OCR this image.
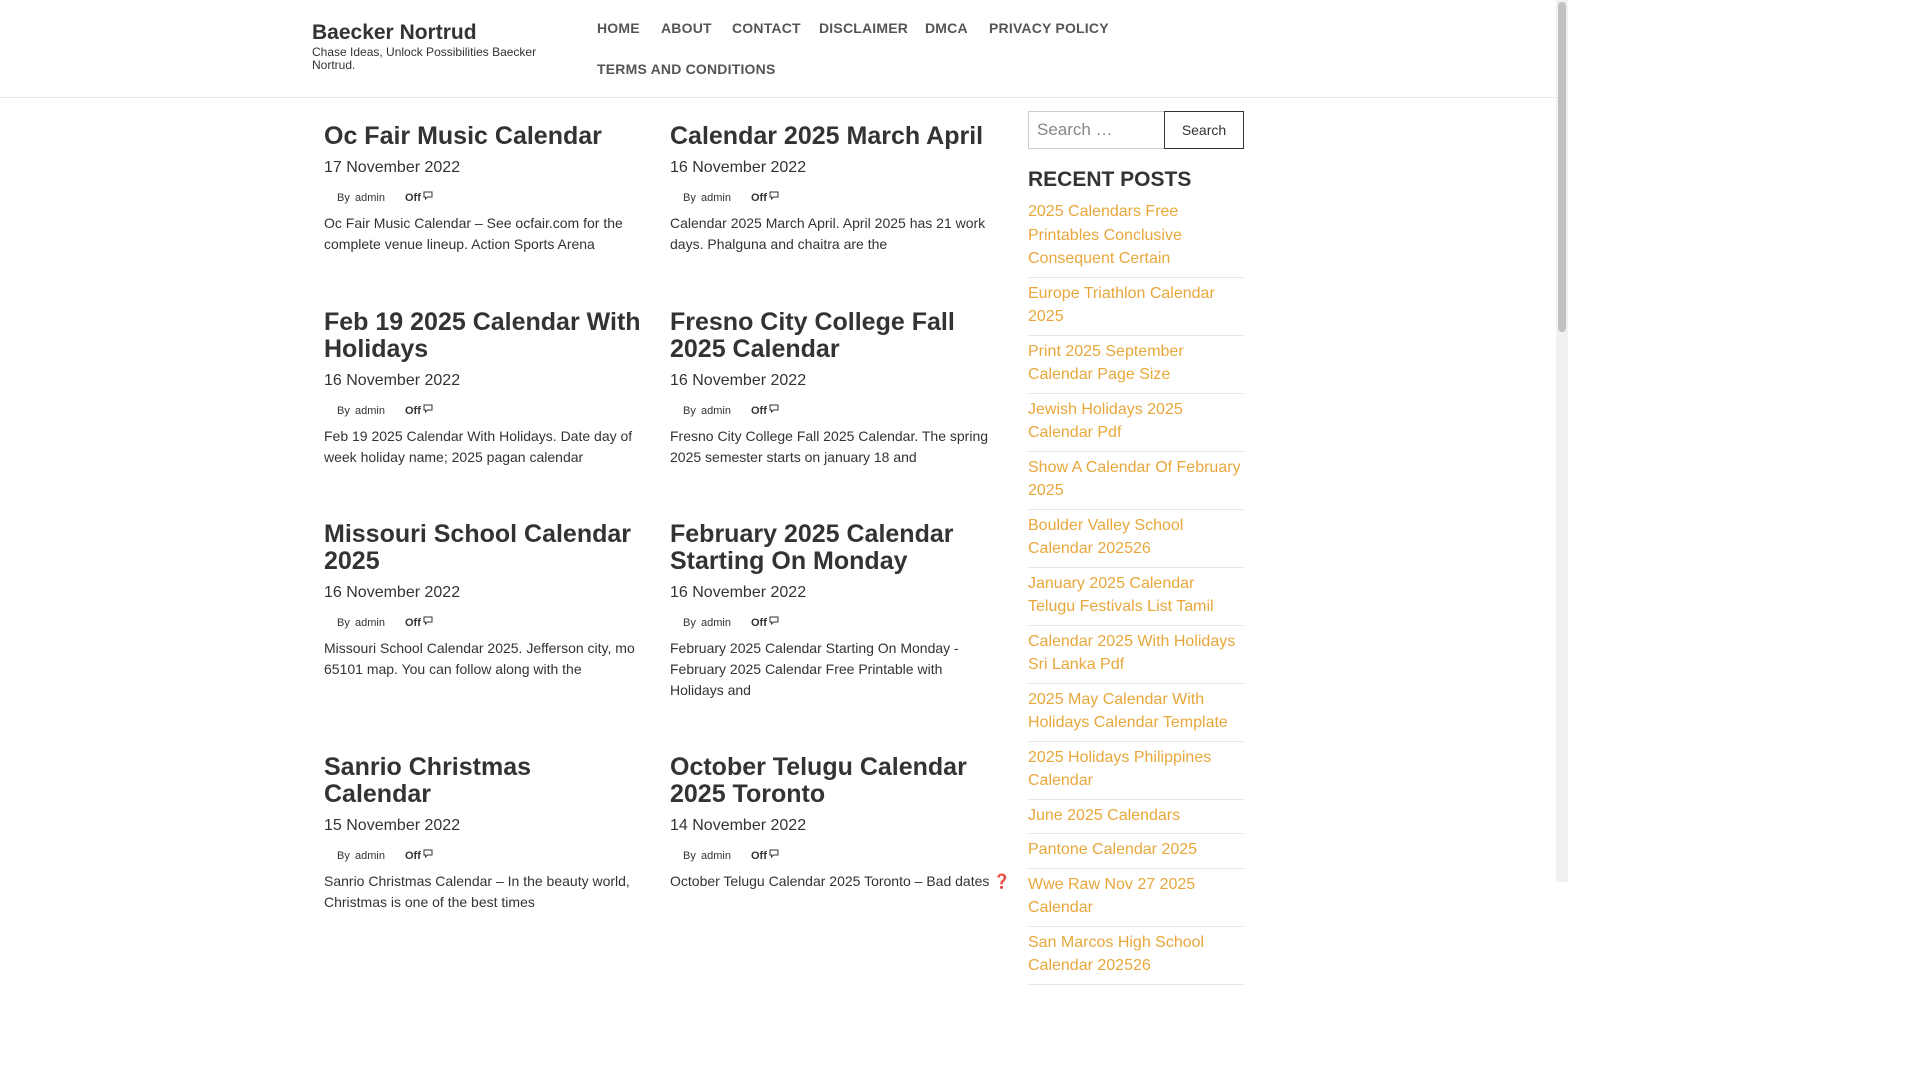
Baecker Nortrud

Chase Ideas, Unlock Possibilities Baecker Nortrud.

HOME ABOUT CONTACT DISCLAIMER DMCA PRIVACY POLICY
TERMS AND CONDITIONS
Oc Fair Music Calendar
17 November 2022
By admin Off

Oc Fair Music Calendar – See ocfair.com for the complete venue lineup. Action Sports Arena

Calendar 2025 March April
16 November 2022
By admin Off

Calendar 2025 March April. April 2025 has 21 work days. Phalguna and chaitra are the

Feb 19 2025 Calendar With Holidays
16 November 2022
By admin Off

Feb 19 2025 Calendar With Holidays. Date day of week holiday name; 2025 pagan calendar

Fresno City College Fall 2025 Calendar
16 November 2022
By admin Off

Fresno City College Fall 2025 Calendar. The spring 2025 semester starts on january 18 and

Missouri School Calendar 2025
16 November 2022
By admin Off

Missouri School Calendar 2025. Jefferson city, mo 65101 map. You can follow along with the

February 2025 Calendar Starting On Monday
16 November 2022
By admin Off

February 2025 Calendar Starting On Monday - February 2025 Calendar Free Printable with Holidays and

Sanrio Christmas Calendar
15 November 2022
By admin Off

Sanrio Christmas Calendar – In the beauty world, Christmas is one of the best times

October Telugu Calendar 2025 Toronto
14 November 2022
By admin Off

October Telugu Calendar 2025 Toronto – Bad dates ❓

Search …
Search
RECENT POSTS
2025 Calendars Free Printables Conclusive Consequent Certain
Europe Triathlon Calendar 2025
Print 2025 September Calendar Page Size
Jewish Holidays 2025 Calendar Pdf
Show A Calendar Of February 2025
Boulder Valley School Calendar 202526
January 2025 Calendar Telugu Festivals List Tamil
Calendar 2025 With Holidays Sri Lanka Pdf
2025 May Calendar With Holidays Calendar Template
2025 Holidays Philippines Calendar
June 2025 Calendars
Pantone Calendar 2025
Wwe Raw Nov 27 2025 Calendar
San Marcos High School Calendar 202526
